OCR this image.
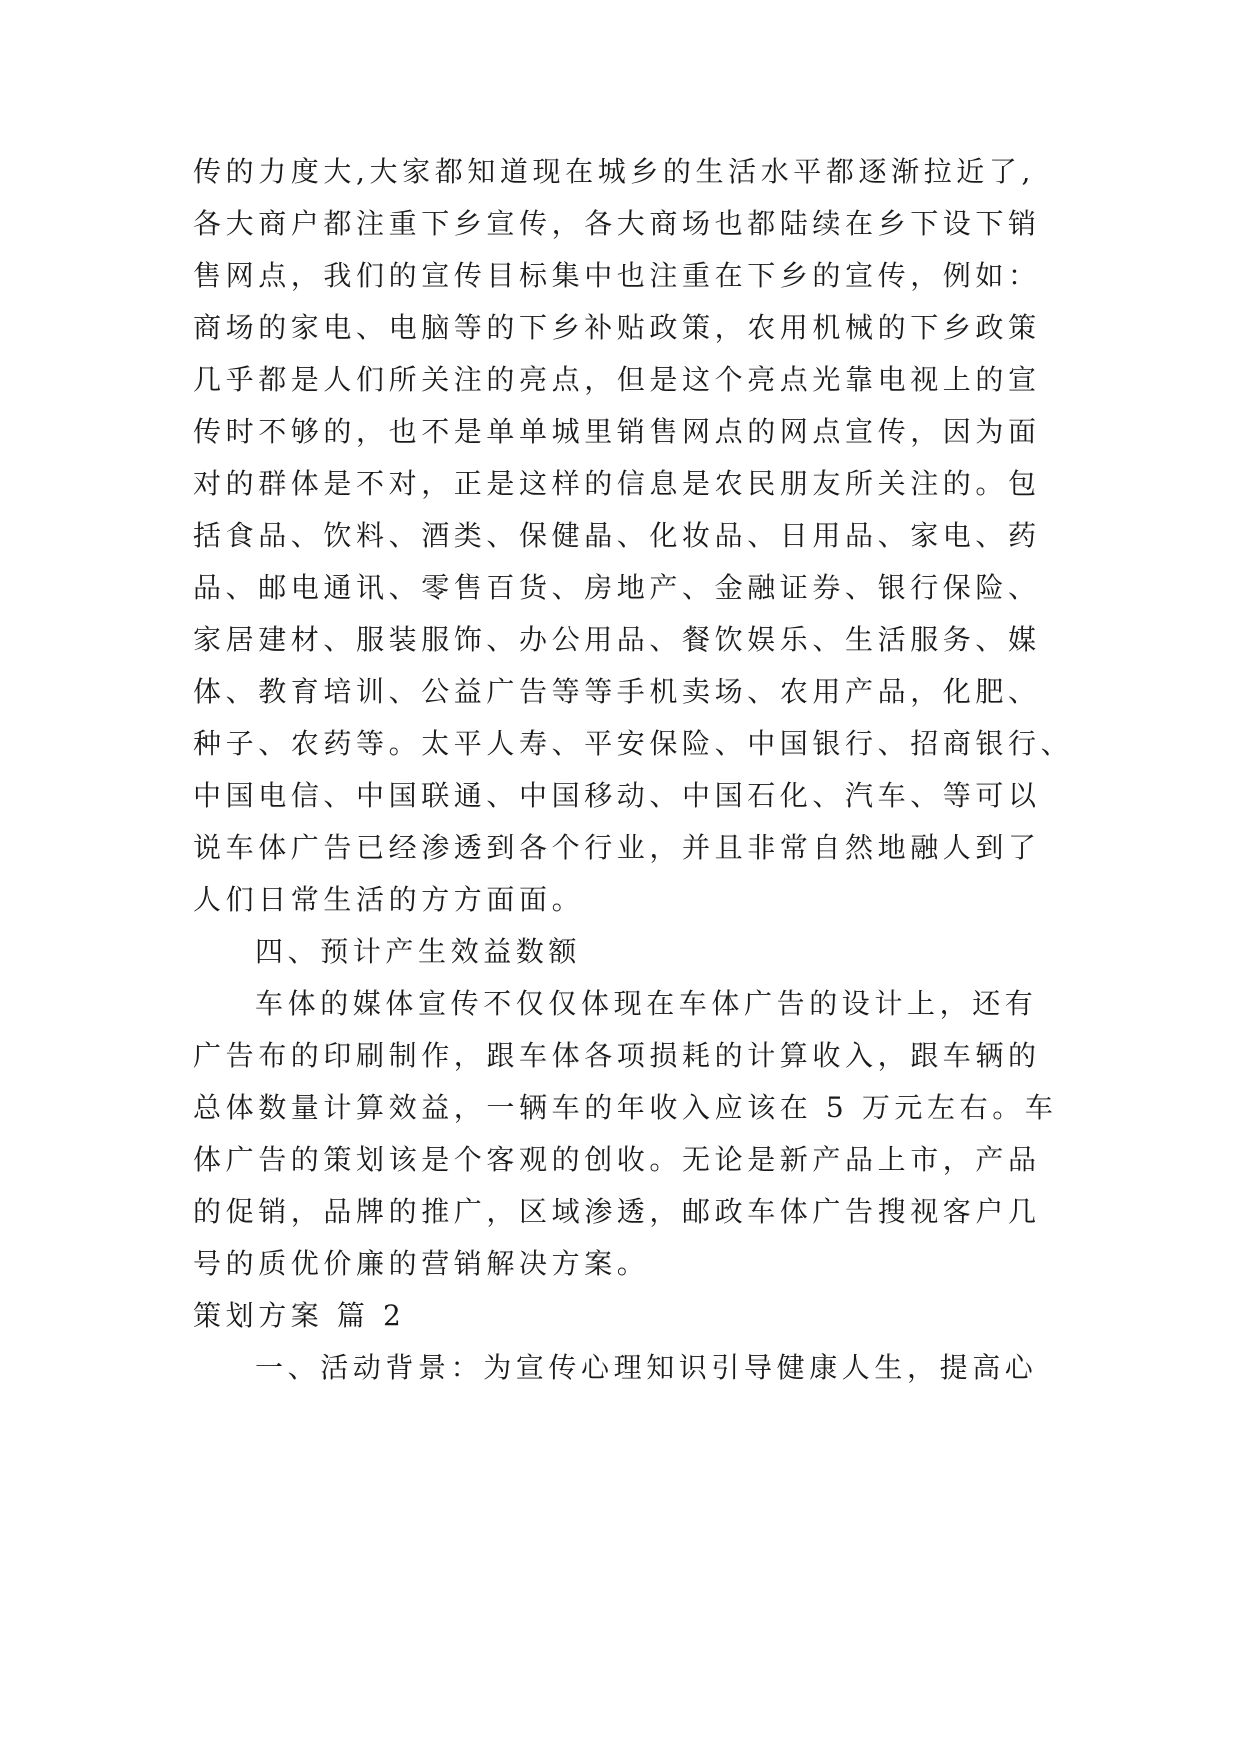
传的力度大,大家都知道现在城乡的生活水平都逐渐拉近了,
各大商户都注重下乡宣传，各大商场也都陆续在乡下设下销
售网点，我们的宣传目标集中也注重在下乡的宣传，例如：
商场的家电、电脑等的下乡补贴政策，农用机械的下乡政策
几乎都是人们所关注的亮点，但是这个亮点光靠电视上的宣
传时不够的，也不是单单城里销售网点的网点宣传，因为面
对的群体是不对，正是这样的信息是农民朋友所关注的。包
括食品、饮料、酒类、保健晶、化妆品、日用品、家电、药
品、邮电通讯、零售百货、房地产、金融证券、银行保险、
家居建材、服装服饰、办公用品、餐饮娱乐、生活服务、媒
体、教育培训、公益广告等等手机卖场、农用产品，化肥、
种子、农药等。太平人寿、平安保险、中国银行、招商银行、
中国电信、中国联通、中国移动、中国石化、汽车、等可以
说车体广告已经渗透到各个行业，并且非常自然地融人到了
人们日常生活的方方面面。
四、预计产生效益数额
车体的媒体宣传不仅仅体现在车体广告的设计上，还有
广告布的印刷制作，跟车体各项损耗的计算收入，跟车辆的
总体数量计算效益，一辆车的年收入应该在 5 万元左右。车
体广告的策划该是个客观的创收。无论是新产品上市，产品
的促销，品牌的推广，区域渗透，邮政车体广告搜视客户几
号的质优价廉的营销解决方案。
策划方案 篇 2
一、活动背景：为宣传心理知识引导健康人生，提高心
